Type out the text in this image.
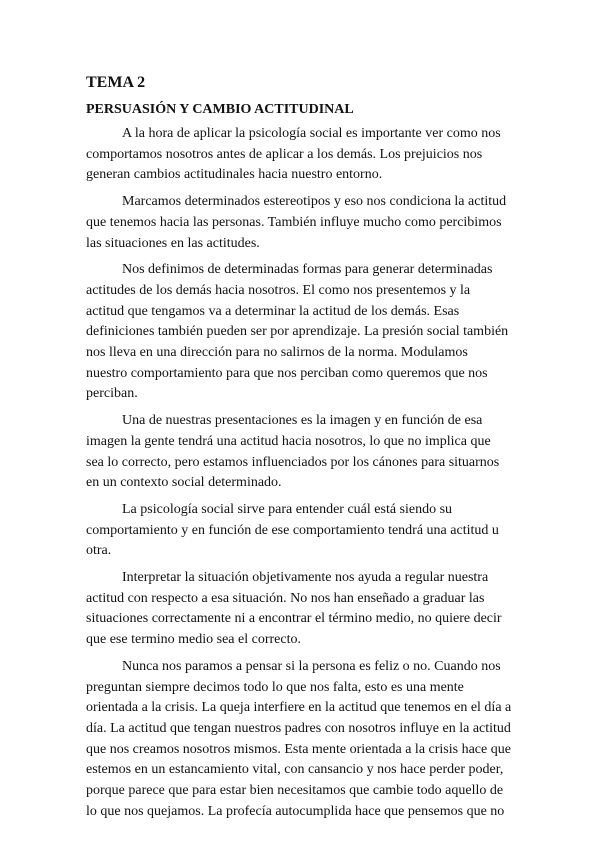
TEMA 2
PERSUASIÓN Y CAMBIO ACTITUDINAL
A la hora de aplicar la psicología social es importante ver como nos
comportamos nosotros antes de aplicar a los demás. Los prejuicios nos
generan cambios actitudinales hacia nuestro entorno.
Marcamos determinados estereotipos y eso nos condiciona la actitud
que tenemos hacia las personas. También influye mucho como percibimos
las situaciones en las actitudes.
Nos definimos de determinadas formas para generar determinadas
actitudes de los demás hacia nosotros. El como nos presentemos y la
actitud que tengamos va a determinar la actitud de los demás. Esas
definiciones también pueden ser por aprendizaje. La presión social también
nos lleva en una dirección para no salirnos de la norma. Modulamos
nuestro comportamiento para que nos perciban como queremos que nos
perciban.
Una de nuestras presentaciones es la imagen y en función de esa
imagen la gente tendrá una actitud hacia nosotros, lo que no implica que
sea lo correcto, pero estamos influenciados por los cánones para situarnos
en un contexto social determinado.
La psicología social sirve para entender cuál está siendo su
comportamiento y en función de ese comportamiento tendrá una actitud u
otra.
Interpretar la situación objetivamente nos ayuda a regular nuestra
actitud con respecto a esa situación. No nos han enseñado a graduar las
situaciones correctamente ni a encontrar el término medio, no quiere decir
que ese termino medio sea el correcto.
Nunca nos paramos a pensar si la persona es feliz o no. Cuando nos
preguntan siempre decimos todo lo que nos falta, esto es una mente
orientada a la crisis. La queja interfiere en la actitud que tenemos en el día a
día. La actitud que tengan nuestros padres con nosotros influye en la actitud
que nos creamos nosotros mismos. Esta mente orientada a la crisis hace que
estemos en un estancamiento vital, con cansancio y nos hace perder poder,
porque parece que para estar bien necesitamos que cambie todo aquello de
lo que nos quejamos. La profecía autocumplida hace que pensemos que no
